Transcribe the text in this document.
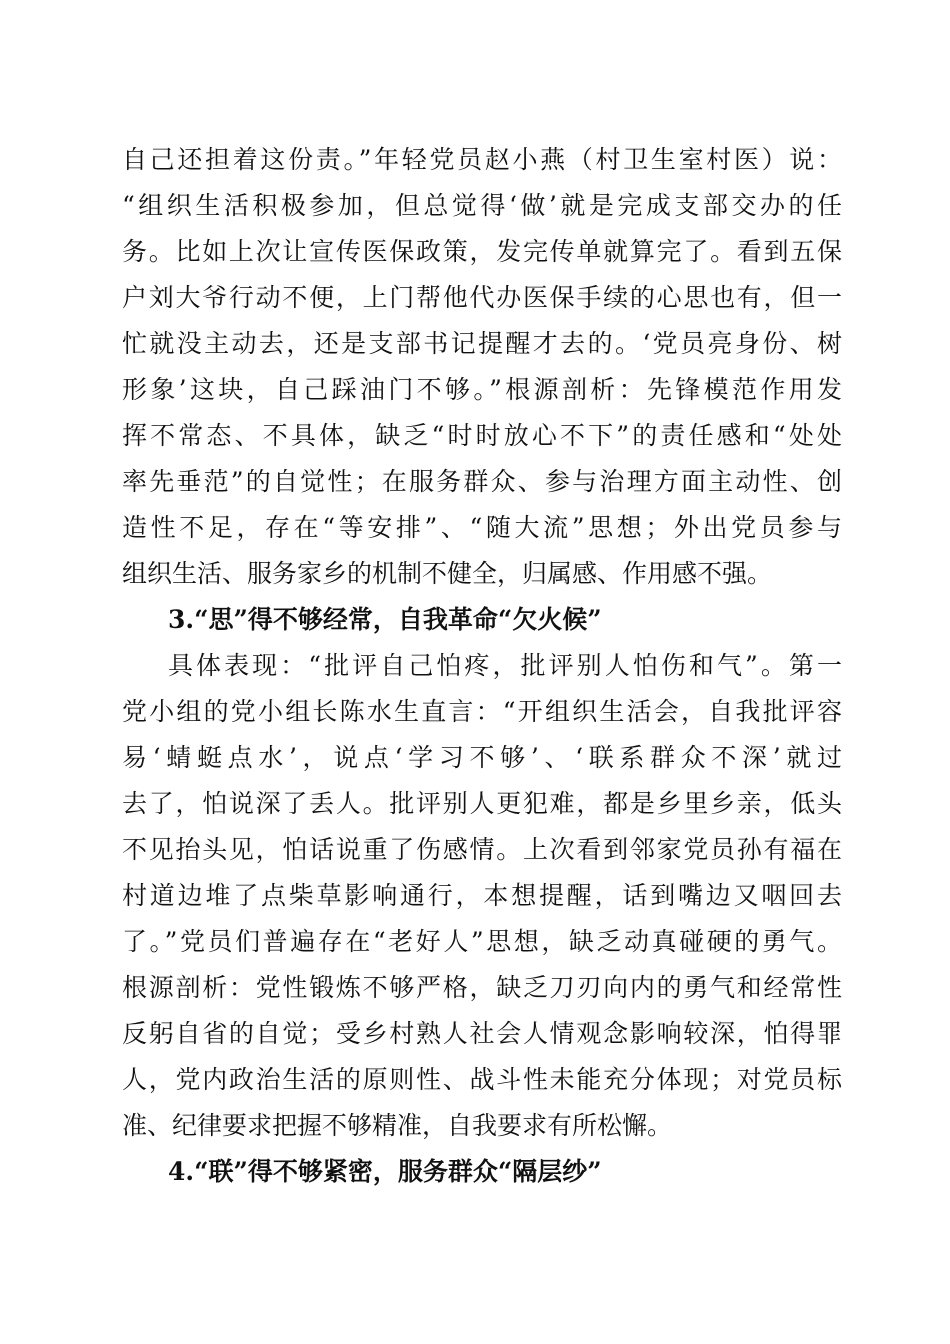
自己还担着这份责。”年轻党员赵小燕（村卫生室村医）说：
“组织生活积极参加，但总觉得‘做’就是完成支部交办的任
务。比如上次让宣传医保政策，发完传单就算完了。看到五保
户刘大爷行动不便，上门帮他代办医保手续的心思也有，但一
忙就没主动去，还是支部书记提醒才去的。‘党员亮身份、树
形象’这块，自己踩油门不够。”根源剖析：先锋模范作用发
挥不常态、不具体，缺乏“时时放心不下”的责任感和“处处
率先垂范”的自觉性；在服务群众、参与治理方面主动性、创
造性不足，存在“等安排”、“随大流”思想；外出党员参与
组织生活、服务家乡的机制不健全，归属感、作用感不强。
3.“思”得不够经常，自我革命“欠火候”
具体表现：“批评自己怕疼，批评别人怕伤和气”。第一
党小组的党小组长陈水生直言：“开组织生活会，自我批评容
易‘蜻蜓点水’，说点‘学习不够’、‘联系群众不深’就过
去了，怕说深了丢人。批评别人更犯难，都是乡里乡亲，低头
不见抬头见，怕话说重了伤感情。上次看到邻家党员孙有福在
村道边堆了点柴草影响通行，本想提醒，话到嘴边又咽回去
了。”党员们普遍存在“老好人”思想，缺乏动真碰硬的勇气。
根源剖析：党性锻炼不够严格，缺乏刀刃向内的勇气和经常性
反躬自省的自觉；受乡村熟人社会人情观念影响较深，怕得罪
人，党内政治生活的原则性、战斗性未能充分体现；对党员标
准、纪律要求把握不够精准，自我要求有所松懈。
4.“联”得不够紧密，服务群众“隔层纱”
